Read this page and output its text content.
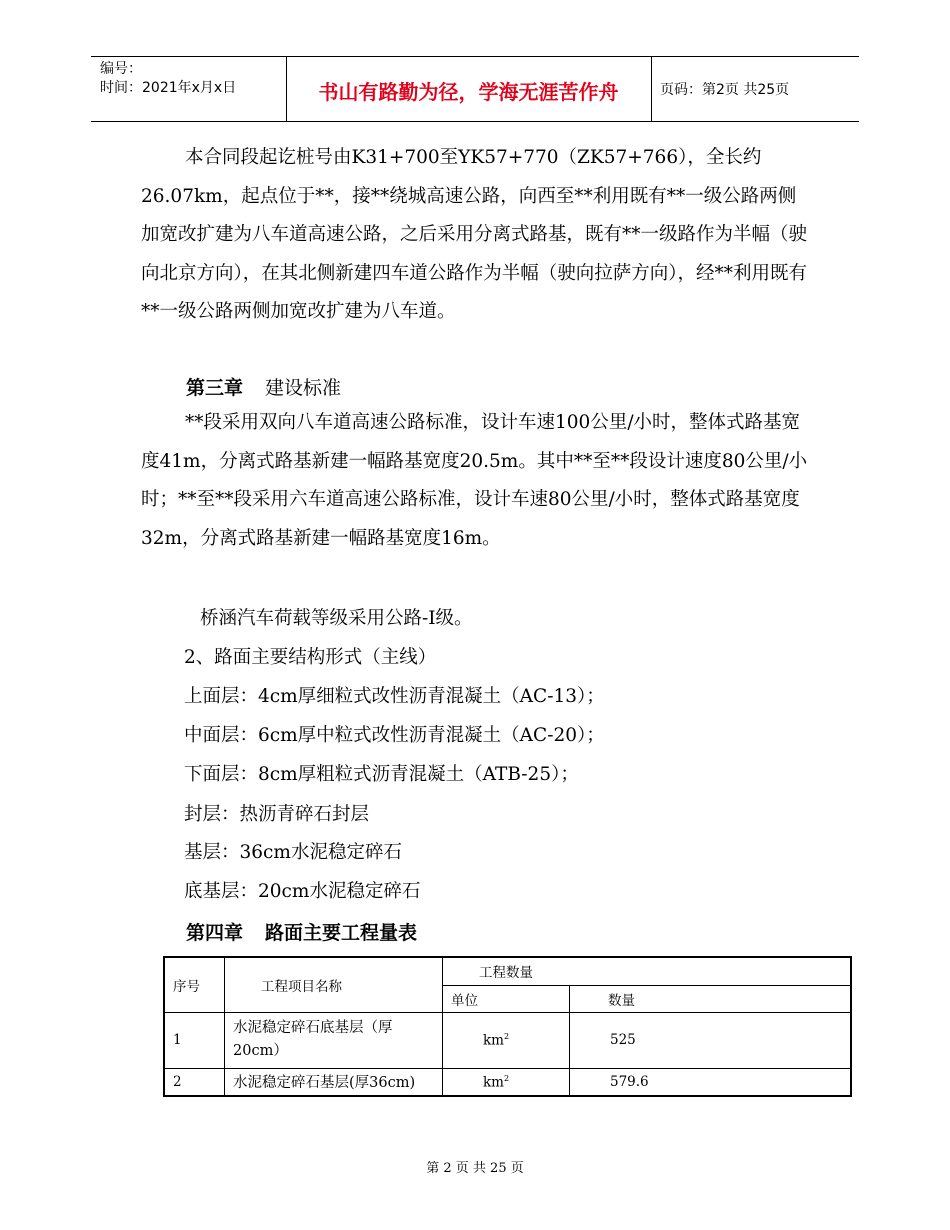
编号：
时间：2021年x月x日	书山有路勤为径，学海无涯苦作舟	页码：第2页 共25页

本合同段起讫桩号由K31+700至YK57+770（ZK57+766），全长约26.07km，起点位于**，接**绕城高速公路，向西至**利用既有**一级公路两侧加宽改扩建为八车道高速公路，之后采用分离式路基，既有**一级路作为半幅（驶向北京方向），在其北侧新建四车道公路作为半幅（驶向拉萨方向），经**利用既有**一级公路两侧加宽改扩建为八车道。

第三章 建设标准

**段采用双向八车道高速公路标准，设计车速100公里/小时，整体式路基宽度41m，分离式路基新建一幅路基宽度20.5m。其中**至**段设计速度80公里/小时；**至**段采用六车道高速公路标准，设计车速80公里/小时，整体式路基宽度32m，分离式路基新建一幅路基宽度16m。

桥涵汽车荷载等级采用公路-I级。
2、路面主要结构形式（主线）
上面层：4cm厚细粒式改性沥青混凝土（AC-13）；
中面层：6cm厚中粒式改性沥青混凝土（AC-20）；
下面层：8cm厚粗粒式沥青混凝土（ATB-25）；
封层：热沥青碎石封层
基层：36cm水泥稳定碎石
底基层：20cm水泥稳定碎石
第四章 路面主要工程量表
序号	工程项目名称	工程数量	
		单位	数量
1	水泥稳定碎石底基层（厚20cm）	$km^2$	525
2	水泥稳定碎石基层(厚36cm)	$km^2$	579.6
第 2 页 共 25 页
